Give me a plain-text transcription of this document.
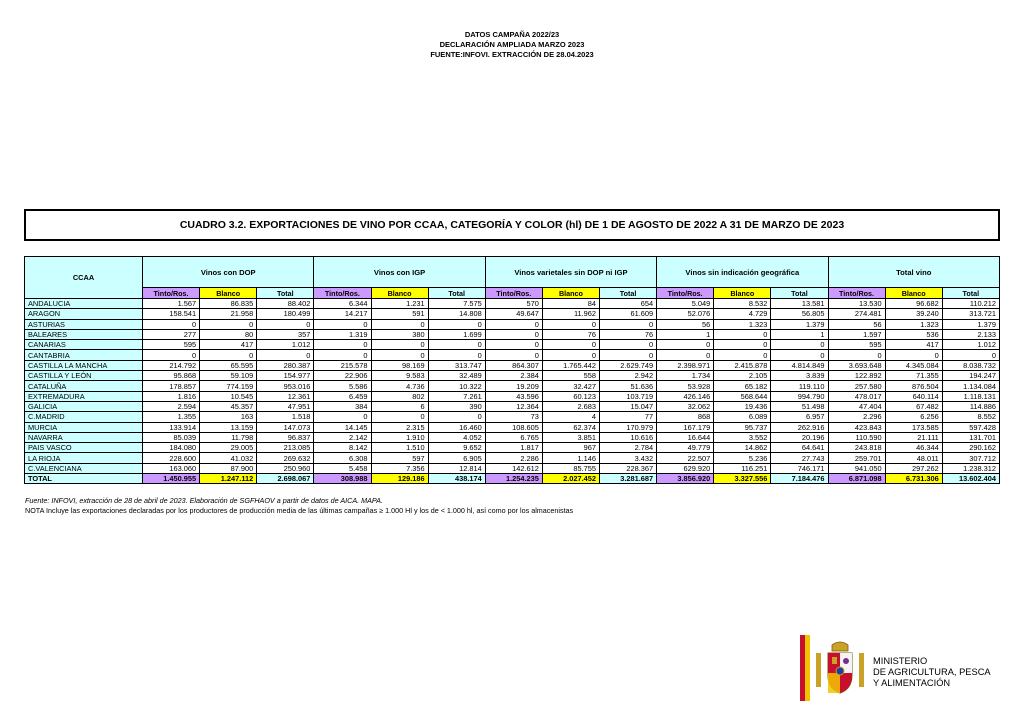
DATOS CAMPAÑA 2022/23
DECLARACIÓN AMPLIADA MARZO 2023
FUENTE:INFOVI. EXTRACCIÓN DE 28.04.2023
CUADRO 3.2. EXPORTACIONES DE VINO POR CCAA, CATEGORÍA Y COLOR (hl) DE 1 DE AGOSTO DE 2022 A 31 DE MARZO DE 2023
CCAA	Vinos con DOP			Vinos con IGP			Vinos varietales sin DOP ni IGP			Vinos sin indicación geográfica			Total vino		
	Tinto/Ros.	Blanco	Total	Tinto/Ros.	Blanco	Total	Tinto/Ros.	Blanco	Total	Tinto/Ros.	Blanco	Total	Tinto/Ros.	Blanco	Total
ANDALUCIA	1.567	86.835	88.402	6.344	1.231	7.575	570	84	654	5.049	8.532	13.581	13.530	96.682	110.212
ARAGON	158.541	21.958	180.499	14.217	591	14.808	49.647	11.962	61.609	52.076	4.729	56.805	274.481	39.240	313.721
ASTURIAS	0	0	0	0	0	0	0	0	0	56	1.323	1.379	56	1.323	1.379
BALEARES	277	80	357	1.319	380	1.699	0	76	76	1	0	1	1.597	536	2.133
CANARIAS	595	417	1.012	0	0	0	0	0	0	0	0	0	595	417	1.012
CANTABRIA	0	0	0	0	0	0	0	0	0	0	0	0	0	0	0
CASTILLA LA MANCHA	214.792	65.595	280.387	215.578	98.169	313.747	864.307	1.765.442	2.629.749	2.398.971	2.415.878	4.814.849	3.693.648	4.345.084	8.038.732
CASTILLA Y LEÓN	95.868	59.109	154.977	22.906	9.583	32.489	2.384	558	2.942	1.734	2.105	3.839	122.892	71.355	194.247
CATALUÑA	178.857	774.159	953.016	5.586	4.736	10.322	19.209	32.427	51.636	53.928	65.182	119.110	257.580	876.504	1.134.084
EXTREMADURA	1.816	10.545	12.361	6.459	802	7.261	43.596	60.123	103.719	426.146	568.644	994.790	478.017	640.114	1.118.131
GALICIA	2.594	45.357	47.951	384	6	390	12.364	2.683	15.047	32.062	19.436	51.498	47.404	67.482	114.886
C.MADRID	1.355	163	1.518	0	0	0	73	4	77	868	6.089	6.957	2.296	6.256	8.552
MURCIA	133.914	13.159	147.073	14.145	2.315	16.460	108.605	62.374	170.979	167.179	95.737	262.916	423.843	173.585	597.428
NAVARRA	85.039	11.798	96.837	2.142	1.910	4.052	6.765	3.851	10.616	16.644	3.552	20.196	110.590	21.111	131.701
PAIS VASCO	184.080	29.005	213.085	8.142	1.510	9.652	1.817	967	2.784	49.779	14.862	64.641	243.818	46.344	290.162
LA RIOJA	228.600	41.032	269.632	6.308	597	6.905	2.286	1.146	3.432	22.507	5.236	27.743	259.701	48.011	307.712
C.VALENCIANA	163.060	87.900	250.960	5.458	7.356	12.814	142.612	85.755	228.367	629.920	116.251	746.171	941.050	297.262	1.238.312
TOTAL	1.450.955	1.247.112	2.698.067	308.988	129.186	438.174	1.254.235	2.027.452	3.281.687	3.856.920	3.327.556	7.184.476	6.871.098	6.731.306	13.602.404
Fuente: INFOVI, extracción de 28 de abril de 2023. Elaboración de SGFHAOV a partir de datos de AICA. MAPA.
NOTA Incluye las exportaciones declaradas por los productores de producción media de las últimas campañas ≥ 1.000 Hl y los de < 1.000 hl, así como por los almacenistas
MINISTERIO
DE AGRICULTURA, PESCA
Y ALIMENTACIÓN
